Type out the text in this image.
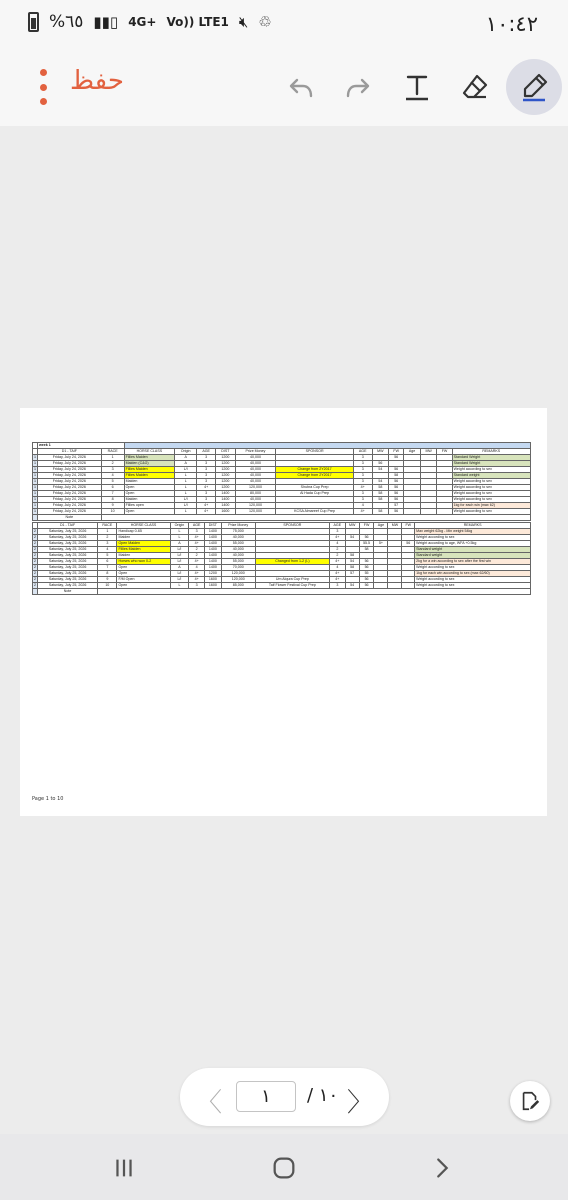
%٦٥ ▮▮▯ 4G+ Vo)) LTE1 🔇︎ ♲	١٠:٤٢
حفظ
	week 1														
	D1 - TAIF	RACE	HORSE CLASS	Origin	AGE	DIST	Prize Money	SPONSOR	AGE	MW	FW	Age	MW	FW	REMARKS
1	Friday, July 24, 2026	1	Fillies Maiden	A	3	1200	40,000		3		56				Standard Weight
1	Friday, July 24, 2026	2	Maiden (C&G)	A	3	1200	40,000		3	56					Standard Weight
1	Friday, July 24, 2026	3	Fillies Maiden	L/I	3	1200	40,000	Change from 2Y2017	3	54	56				Weight according to sex
1	Friday, July 24, 2026	4	Fillies Maiden	L	3	1200	40,000	Change from 2Y2017	3		58				Standard weight
1	Friday, July 24, 2026	5	Maiden	L	3	1200	40,000		3	54	56				Weight according to sex
1	Friday, July 24, 2026	6	Open	L	4+	1200	120,000	Shubra Cup Prep	4+	58	56				Weight according to sex
1	Friday, July 24, 2026	7	Open	L	3	1400	80,000	Al Hada Cup Prep	3	58	56				Weight according to sex
1	Friday, July 24, 2026	8	Maiden	L/I	3	1400	40,000		3	58	56				Weight according to sex
1	Friday, July 24, 2026	9	Fillies open	L/I	4+	1400	120,000		4		57				1kg for each win (max 62)
1	Friday, July 24, 2026	10	Open	L	4+	1600	120,000	KCSA Almareef Cup Prep	4+	58	56				Weight according to sex
	Note														
	D1 - TAIF	RACE	HORSE CLASS	Origin	AGE	DIST	Prize Money	SPONSOR	AGE	MW	FW	Age	MW	FW	REMARKS
2	Saturday, July 25, 2026	1	Handicap 0-65	L	3	1400	75,000		3						Max weight 62kg - Min weight 54kg
2	Saturday, July 25, 2026	2	Maiden	L	4+	1400	40,000		4+	54	56				Weight according to sex
2	Saturday, July 25, 2026	3	Open Maiden	A	4+	1400	55,000		4		55.5	5+		56	Weight according to age, WFA +0.5kg
2	Saturday, July 25, 2026	4	Fillies Maiden	L/I	2	1400	40,000		2		58				Standard weight
2	Saturday, July 25, 2026	5	Maiden	L/I	2	1400	40,000		2	58					Standard weight
2	Saturday, July 25, 2026	6	Horses who won 0-2	L/I	4+	1400	55,000	Changed from 1-2 (L)	4+	54	56				2kg for a win according to sex after the first win
2	Saturday, July 25, 2026	7	Open	A	4	1400	70,000		4	58	56				Weight according to sex
2	Saturday, July 25, 2026	8	Open	L/I	4+	1200	120,000		4+	57	55				1kg for each win according to sex (max 62/60)
2	Saturday, July 25, 2026	9	F/M Open	L/I	4+	1600	120,000	Um Alqura Cup Prep	4+		56				Weight according to sex
2	Saturday, July 25, 2026	10	Open	L	3	1600	85,000	Taif Flower Festival Cup Prep	3	54	56				Weight according to sex
	Note														
Page 1 to 10
〈	١	/ ١٠ 〉
